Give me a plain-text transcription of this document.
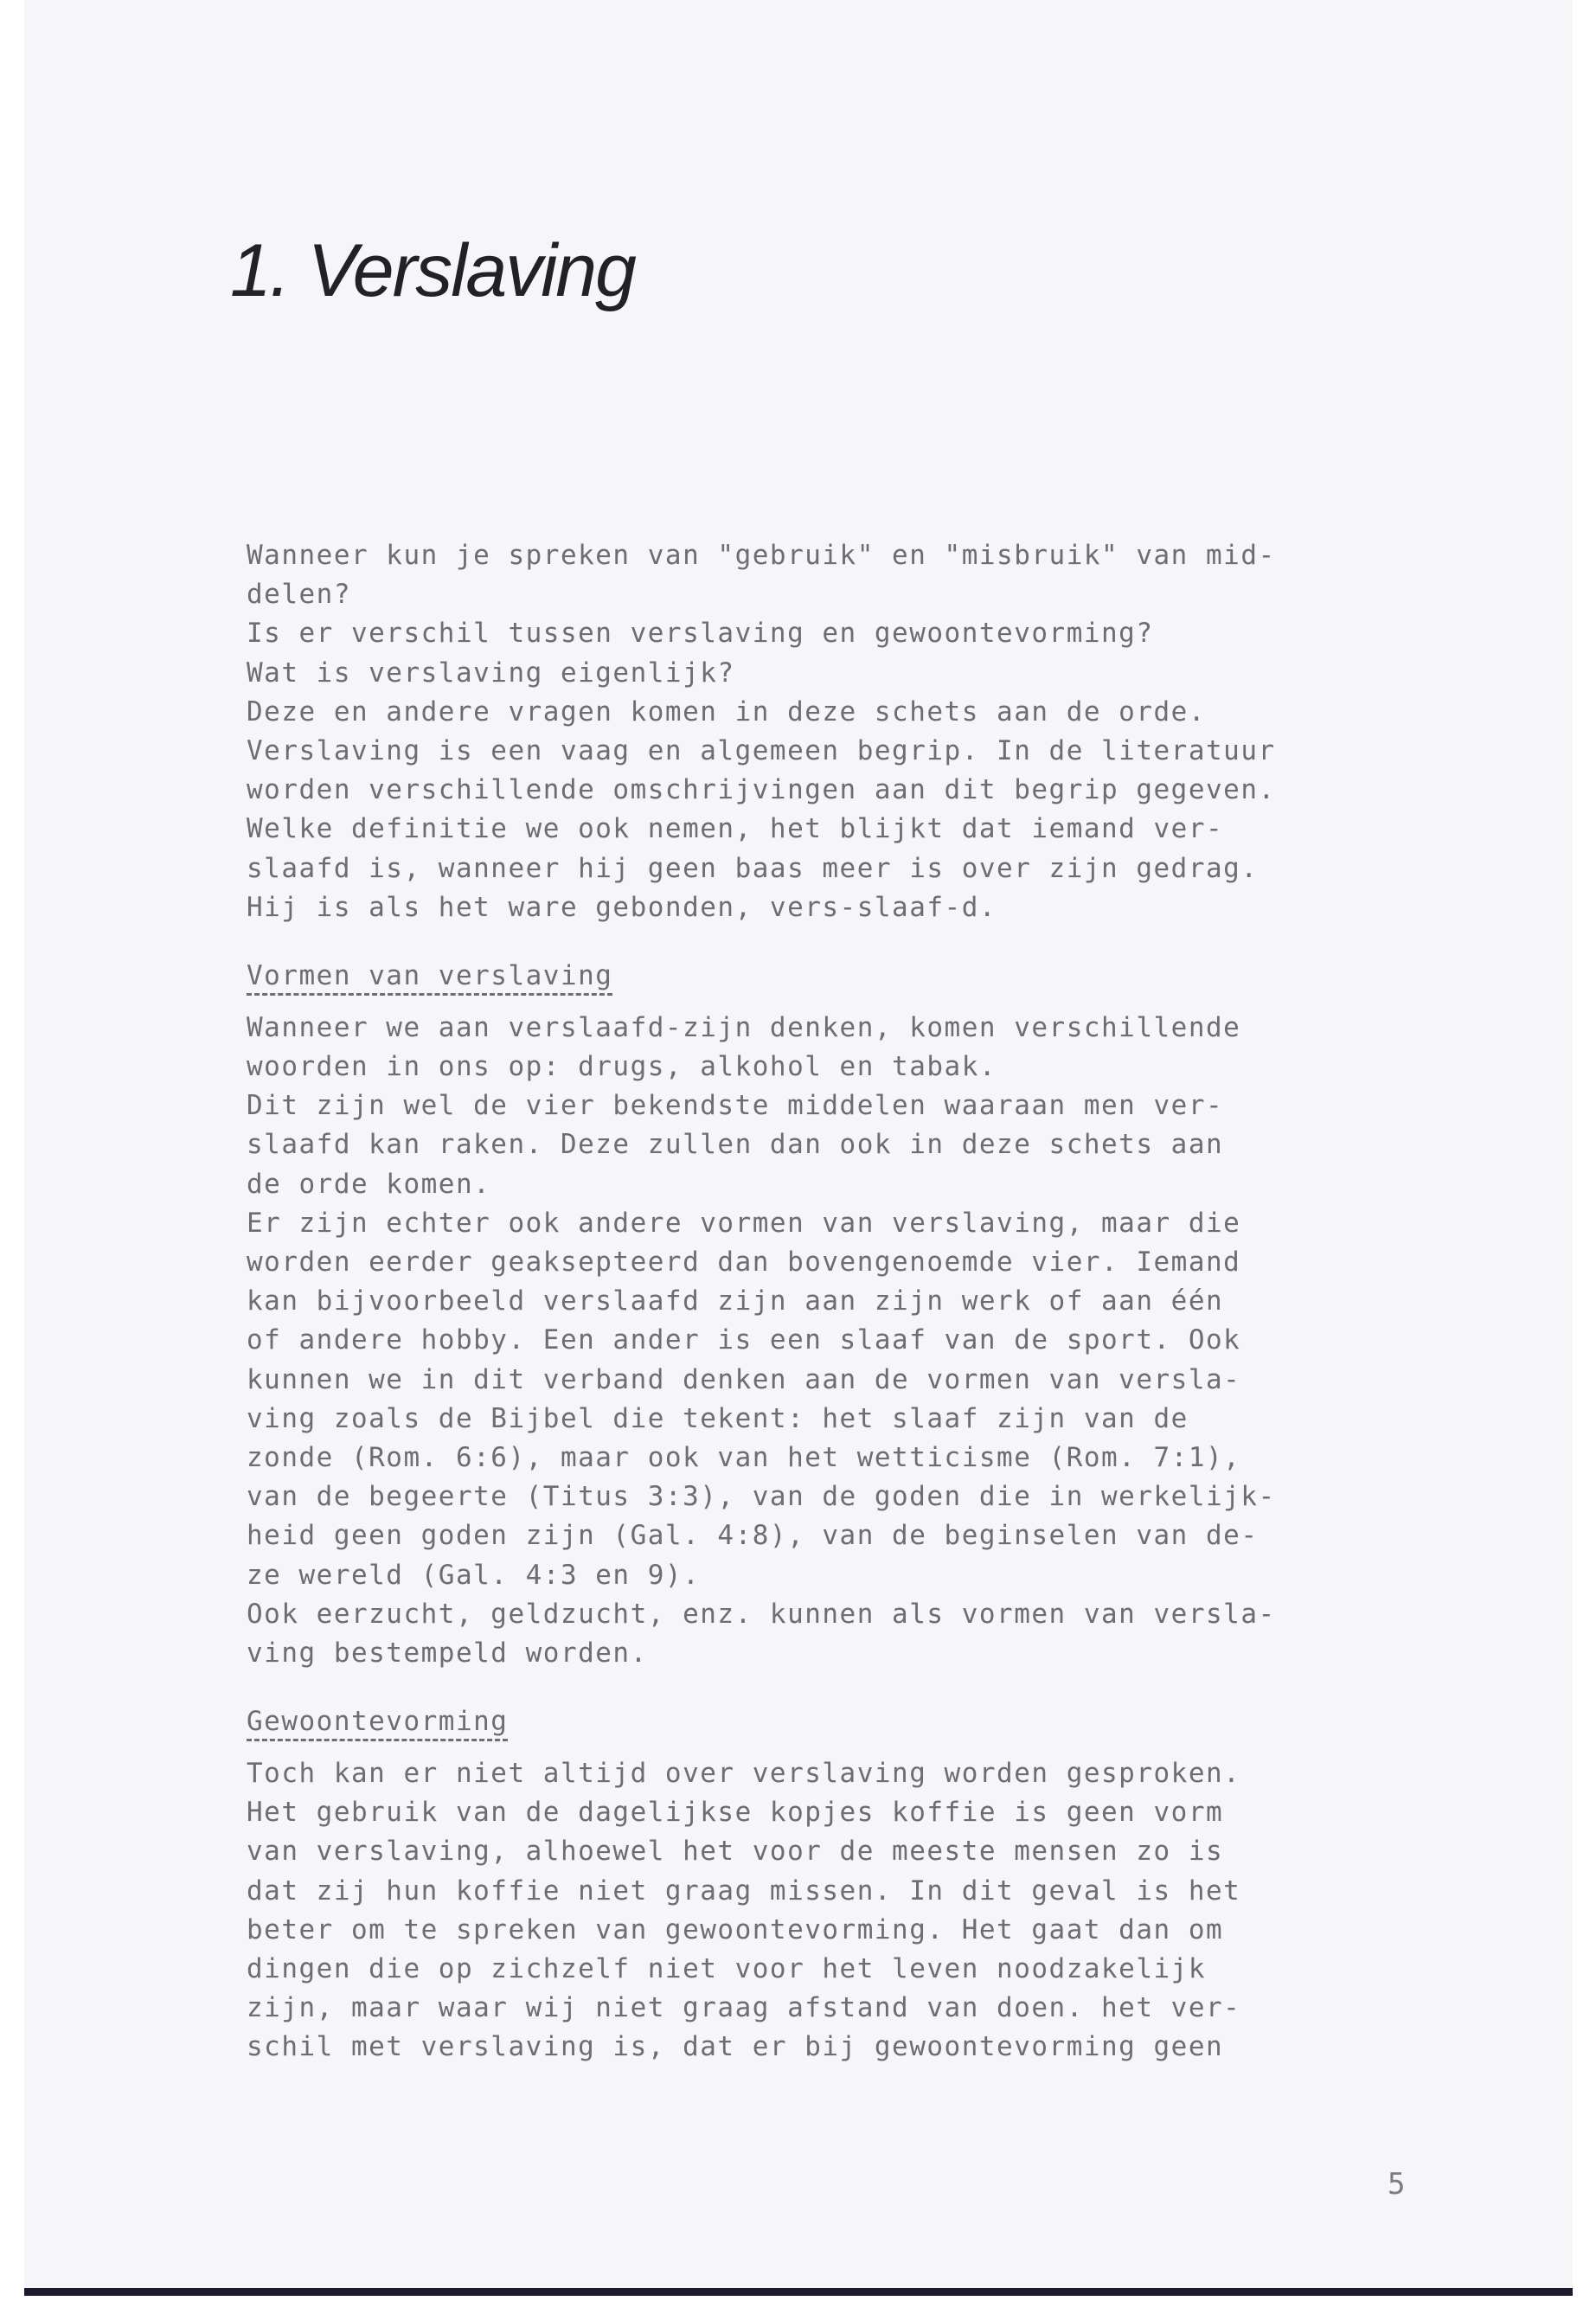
1. Verslaving
Wanneer kun je spreken van "gebruik" en "misbruik" van mid-
delen?
Is er verschil tussen verslaving en gewoontevorming?
Wat is verslaving eigenlijk?
Deze en andere vragen komen in deze schets aan de orde.
Verslaving is een vaag en algemeen begrip. In de literatuur
worden verschillende omschrijvingen aan dit begrip gegeven.
Welke definitie we ook nemen, het blijkt dat iemand ver-
slaafd is, wanneer hij geen baas meer is over zijn gedrag.
Hij is als het ware gebonden, vers-slaaf-d.
Vormen van verslaving
Wanneer we aan verslaafd-zijn denken, komen verschillende
woorden in ons op: drugs, alkohol en tabak.
Dit zijn wel de vier bekendste middelen waaraan men ver-
slaafd kan raken. Deze zullen dan ook in deze schets aan
de orde komen.
Er zijn echter ook andere vormen van verslaving, maar die
worden eerder geaksepteerd dan bovengenoemde vier. Iemand
kan bijvoorbeeld verslaafd zijn aan zijn werk of aan één
of andere hobby. Een ander is een slaaf van de sport. Ook
kunnen we in dit verband denken aan de vormen van versla-
ving zoals de Bijbel die tekent: het slaaf zijn van de
zonde (Rom. 6:6), maar ook van het wetticisme (Rom. 7:1),
van de begeerte (Titus 3:3), van de goden die in werkelijk-
heid geen goden zijn (Gal. 4:8), van de beginselen van de-
ze wereld (Gal. 4:3 en 9).
Ook eerzucht, geldzucht, enz. kunnen als vormen van versla-
ving bestempeld worden.
Gewoontevorming
Toch kan er niet altijd over verslaving worden gesproken.
Het gebruik van de dagelijkse kopjes koffie is geen vorm
van verslaving, alhoewel het voor de meeste mensen zo is
dat zij hun koffie niet graag missen. In dit geval is het
beter om te spreken van gewoontevorming. Het gaat dan om
dingen die op zichzelf niet voor het leven noodzakelijk
zijn, maar waar wij niet graag afstand van doen. het ver-
schil met verslaving is, dat er bij gewoontevorming geen
5
